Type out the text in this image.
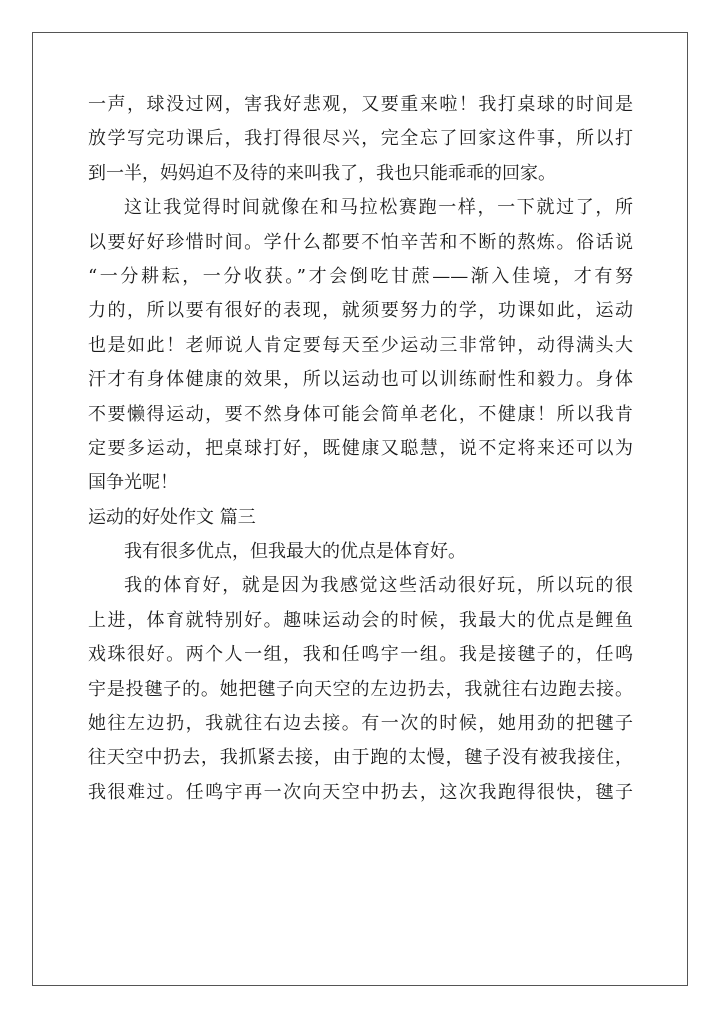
一声，球没过网，害我好悲观，又要重来啦！我打桌球的时间是
放学写完功课后，我打得很尽兴，完全忘了回家这件事，所以打
到一半，妈妈迫不及待的来叫我了，我也只能乖乖的回家。
这让我觉得时间就像在和马拉松赛跑一样，一下就过了，所
以要好好珍惜时间。学什么都要不怕辛苦和不断的熬炼。俗话说
“一分耕耘，一分收获。”才会倒吃甘蔗——渐入佳境，才有努
力的，所以要有很好的表现，就须要努力的学，功课如此，运动
也是如此！老师说人肯定要每天至少运动三非常钟，动得满头大
汗才有身体健康的效果，所以运动也可以训练耐性和毅力。身体
不要懒得运动，要不然身体可能会简单老化，不健康！所以我肯
定要多运动，把桌球打好，既健康又聪慧，说不定将来还可以为
国争光呢！
运动的好处作文 篇三
我有很多优点，但我最大的优点是体育好。
我的体育好，就是因为我感觉这些活动很好玩，所以玩的很
上进，体育就特别好。趣味运动会的时候，我最大的优点是鲤鱼
戏珠很好。两个人一组，我和任鸣宇一组。我是接毽子的，任鸣
宇是投毽子的。她把毽子向天空的左边扔去，我就往右边跑去接。
她往左边扔，我就往右边去接。有一次的时候，她用劲的把毽子
往天空中扔去，我抓紧去接，由于跑的太慢，毽子没有被我接住，
我很难过。任鸣宇再一次向天空中扔去，这次我跑得很快，毽子
